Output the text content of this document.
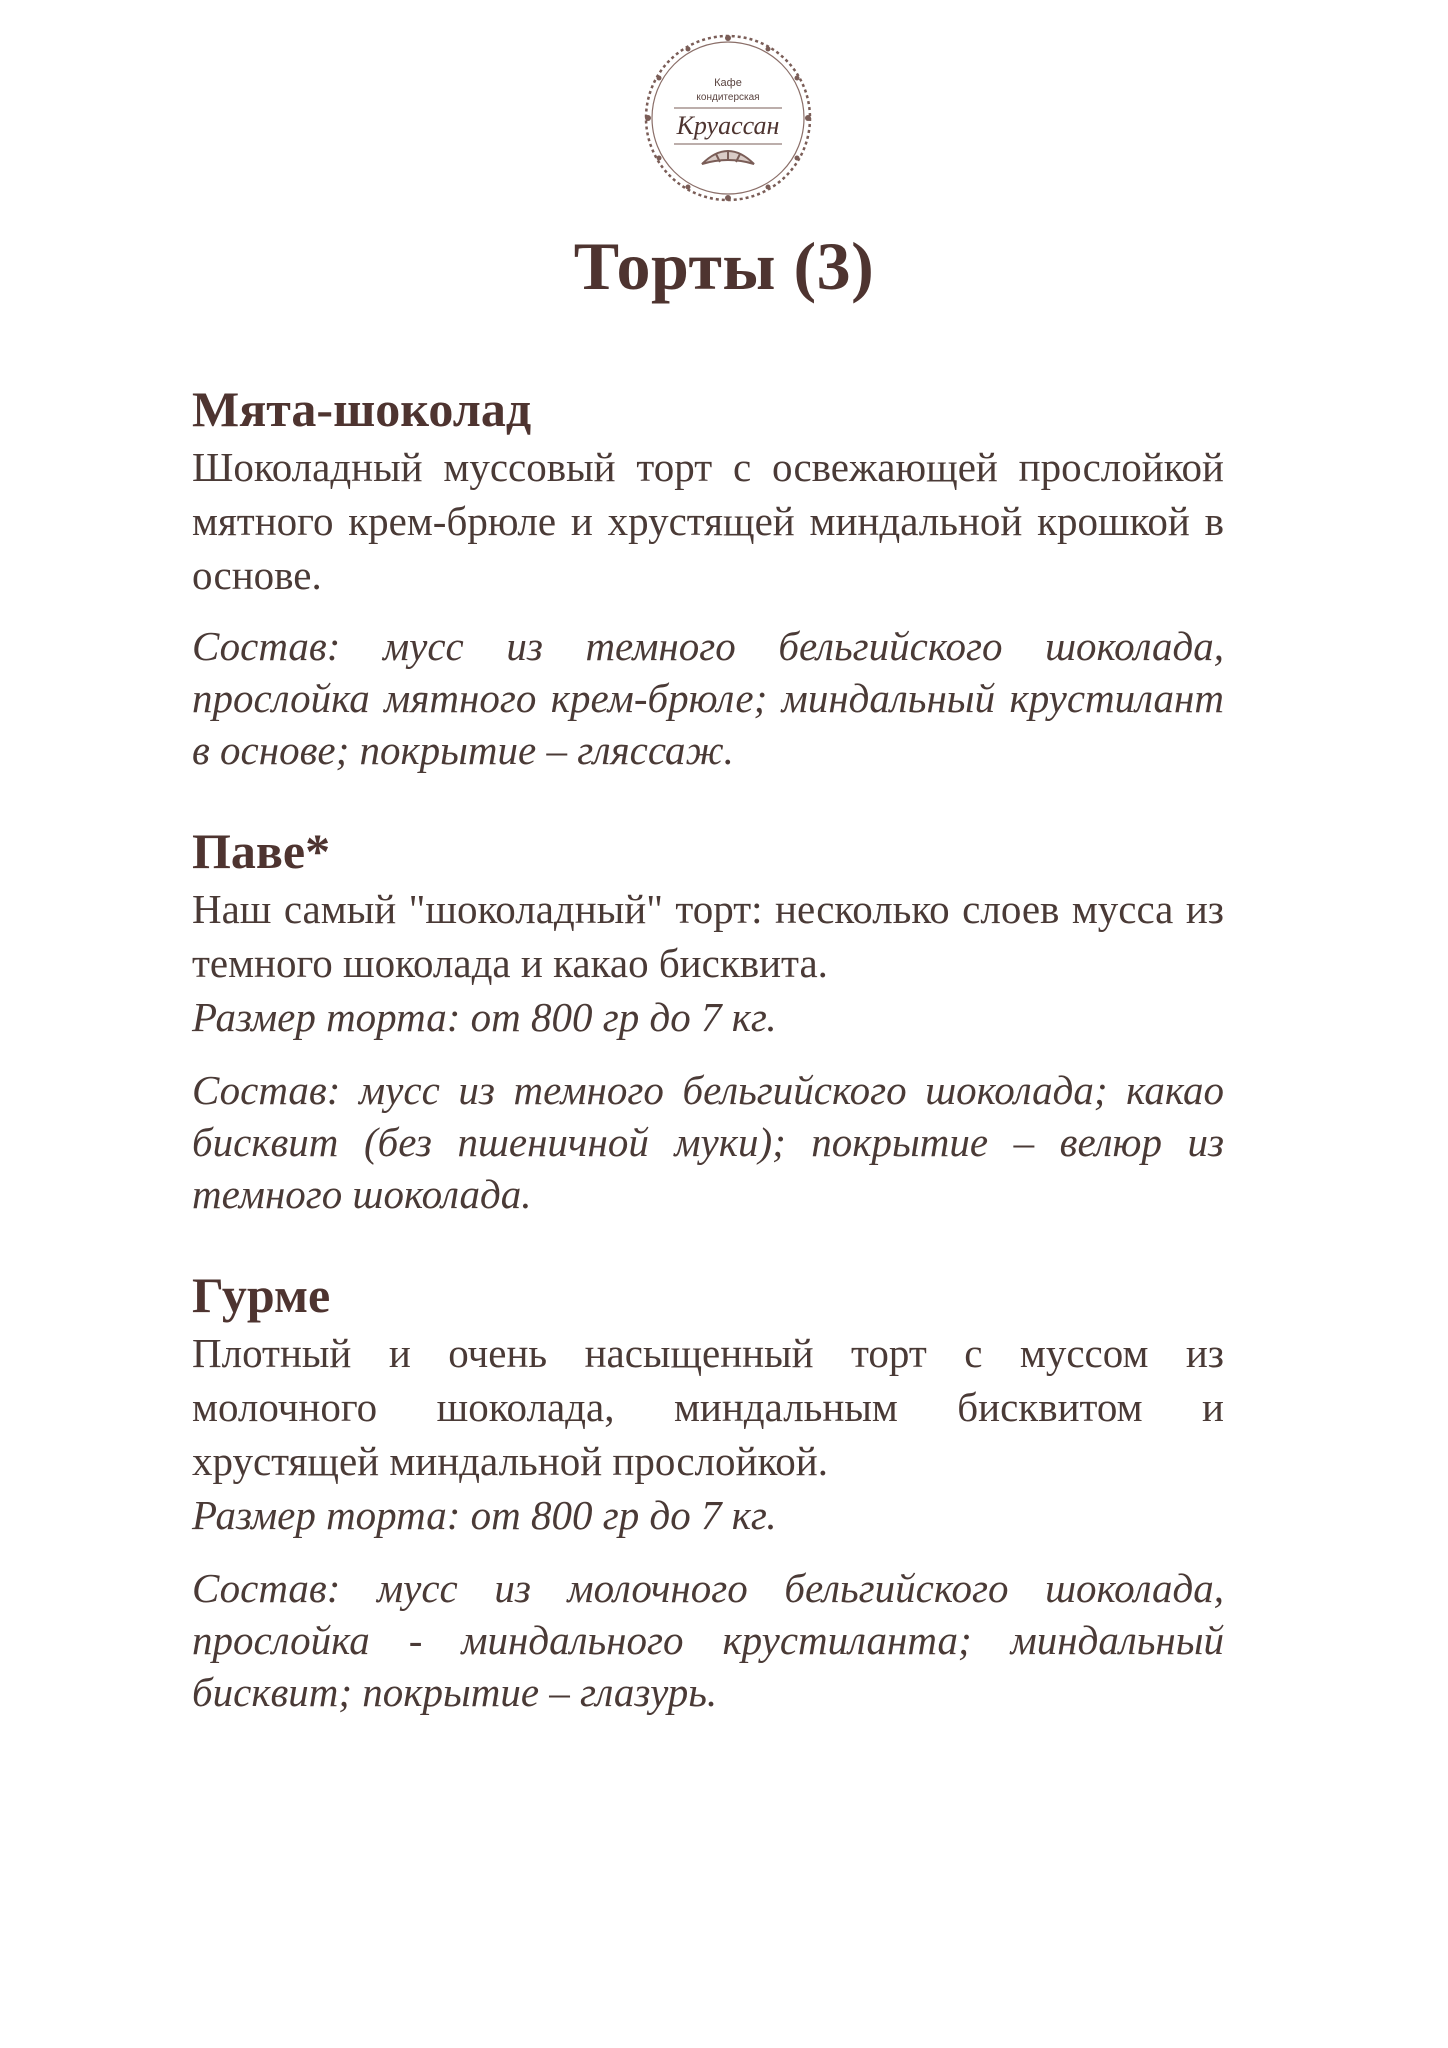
Кафе
кондитерская
Круассан
Торты (3)
Мята-шоколад
Шоколадный муссовый торт с освежающей прослойкой мятного крем-брюле и хрустящей миндальной крошкой в основе.
Состав: мусс из темного бельгийского шоколада, прослойка мятного крем-брюле; миндальный крустилант в основе; покрытие – гляссаж.
Паве*
Наш самый "шоколадный" торт: несколько слоев мусса из темного шоколада и какао бисквита.
Размер торта: от 800 гр до 7 кг.
Состав: мусс из темного бельгийского шоколада; какао бисквит (без пшеничной муки); покрытие – велюр из темного шоколада.
Гурме
Плотный и очень насыщенный торт с муссом из молочного шоколада, миндальным бисквитом и хрустящей миндальной прослойкой.
Размер торта: от 800 гр до 7 кг.
Состав: мусс из молочного бельгийского шоколада, прослойка - миндального крустиланта; миндальный бисквит; покрытие – глазурь.
